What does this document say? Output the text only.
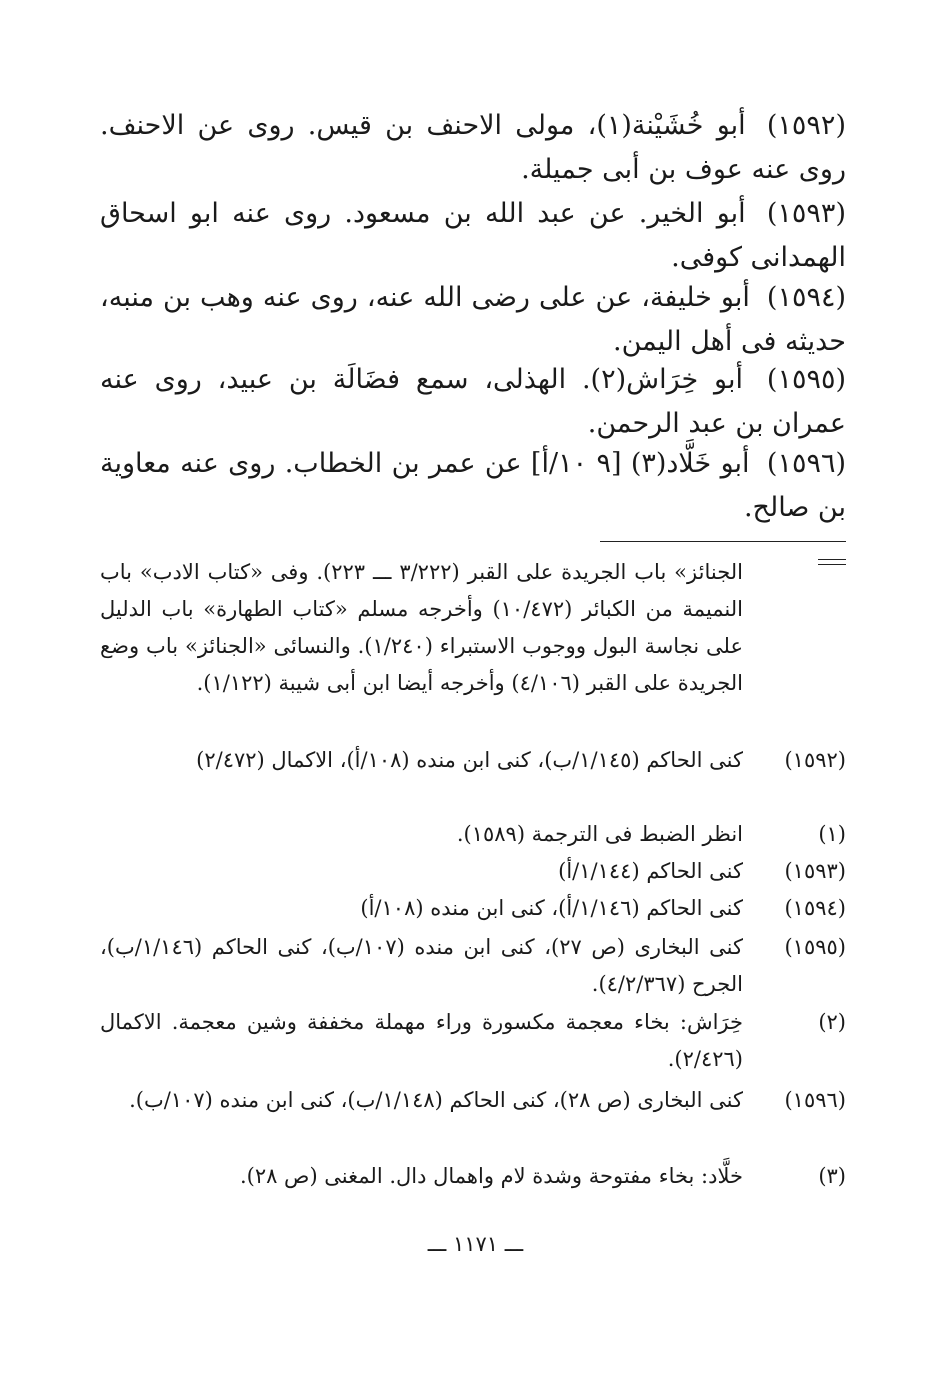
(١٥٩٢) أبو خُشَيْنة(١)، مولى الاحنف بن قيس. روى عن الاحنف. روى عنه عوف بن أبى جميلة.
(١٥٩٣) أبو الخير. عن عبد الله بن مسعود. روى عنه ابو اسحاق الهمدانى كوفى.
(١٥٩٤) أبو خليفة، عن على رضى الله عنه، روى عنه وهب بن منبه، حديثه فى أهل اليمن.
(١٥٩٥) أبو خِرَاش(٢). الهذلى، سمع فضَالَة بن عبيد، روى عنه عمران بن عبد الرحمن.
(١٥٩٦) أبو خَلَّاد(٣) [٩ ١٠/أ] عن عمر بن الخطاب. روى عنه معاوية بن صالح.
الجنائز» باب الجريدة على القبر (٣/٢٢٢ ـــ ٢٢٣). وفى «كتاب الادب» باب النميمة من الكبائر (١٠/٤٧٢) وأخرجه مسلم «كتاب الطهارة» باب الدليل على نجاسة البول ووجوب الاستبراء (١/٢٤٠). والنسائى «الجنائز» باب وضع الجريدة على القبر (٤/١٠٦) وأخرجه أيضا ابن أبى شيبة (١/١٢٢).
(١٥٩٢)
كنى الحاكم (١/١٤٥/ب)، كنى ابن منده (١٠٨/أ)، الاكمال (٢/٤٧٢)
(١)
انظر الضبط فى الترجمة (١٥٨٩).
(١٥٩٣)
كنى الحاكم (١/١٤٤/أ)
(١٥٩٤)
كنى الحاكم (١/١٤٦/أ)، كنى ابن منده (١٠٨/أ)
(١٥٩٥)
كنى البخارى (ص ٢٧)، كنى ابن منده (١٠٧/ب)، كنى الحاكم (١/١٤٦/ب)، الجرح (٤/٢/٣٦٧).
(٢)
خِرَاش: بخاء معجمة مكسورة وراء مهملة مخففة وشين معجمة. الاكمال (٢/٤٢٦).
(١٥٩٦)
كنى البخارى (ص ٢٨)، كنى الحاكم (١/١٤٨/ب)، كنى ابن منده (١٠٧/ب).
(٣)
خلَّاد: بخاء مفتوحة وشدة لام واهمال دال. المغنى (ص ٢٨).
ـــ ١١٧١ ـــ
